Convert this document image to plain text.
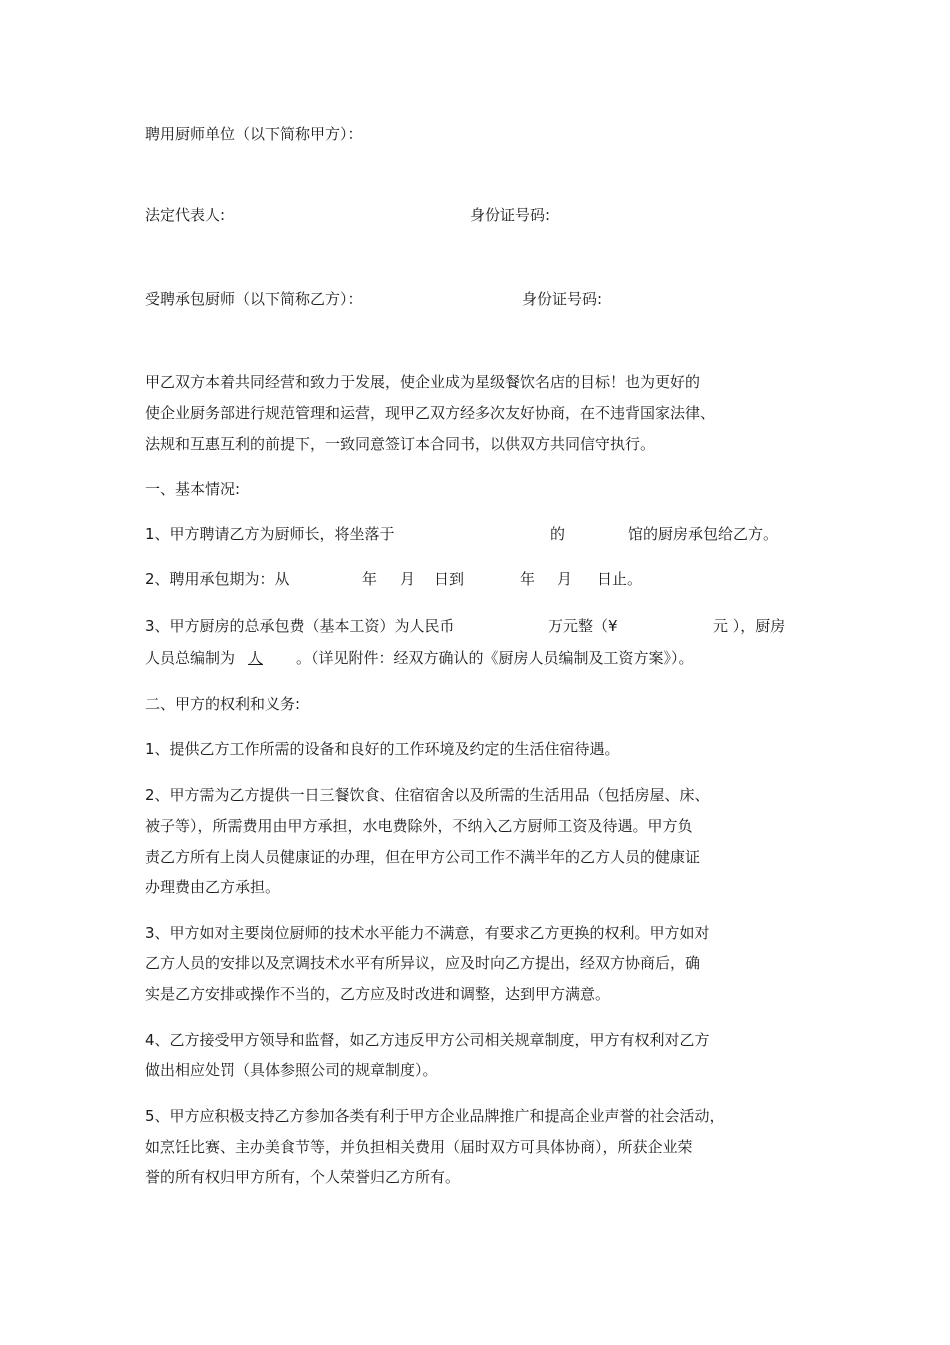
聘用厨师单位（以下简称甲方）：
法定代表人:	身份证号码:
受聘承包厨师（以下简称乙方）：	身份证号码:
甲乙双方本着共同经营和致力于发展，使企业成为星级餐饮名店的目标！也为更好的
使企业厨务部进行规范管理和运营，现甲乙双方经多次友好协商，在不违背国家法律、
法规和互惠互利的前提下，一致同意签订本合同书，以供双方共同信守执行。
一、基本情况:
1、甲方聘请乙方为厨师长，将坐落于	的	馆的厨房承包给乙方。
2、聘用承包期为：从	年 月 日到	年 月 日止。
3、甲方厨房的总承包费（基本工资）为人民币	万元整（¥	元 ），厨房
人员总编制为 人 。（详见附件：经双方确认的《厨房人员编制及工资方案》）。
二、甲方的权利和义务:
1、提供乙方工作所需的设备和良好的工作环境及约定的生活住宿待遇。
2、甲方需为乙方提供一日三餐饮食、住宿宿舍以及所需的生活用品（包括房屋、床、
被子等），所需费用由甲方承担，水电费除外，不纳入乙方厨师工资及待遇。甲方负
责乙方所有上岗人员健康证的办理，但在甲方公司工作不满半年的乙方人员的健康证
办理费由乙方承担。
3、甲方如对主要岗位厨师的技术水平能力不满意，有要求乙方更换的权利。甲方如对
乙方人员的安排以及烹调技术水平有所异议，应及时向乙方提出，经双方协商后，确
实是乙方安排或操作不当的，乙方应及时改进和调整，达到甲方满意。
4、乙方接受甲方领导和监督，如乙方违反甲方公司相关规章制度，甲方有权利对乙方
做出相应处罚（具体参照公司的规章制度）。
5、甲方应积极支持乙方参加各类有利于甲方企业品牌推广和提高企业声誉的社会活动，
如烹饪比赛、主办美食节等，并负担相关费用（届时双方可具体协商），所获企业荣
誉的所有权归甲方所有，个人荣誉归乙方所有。
